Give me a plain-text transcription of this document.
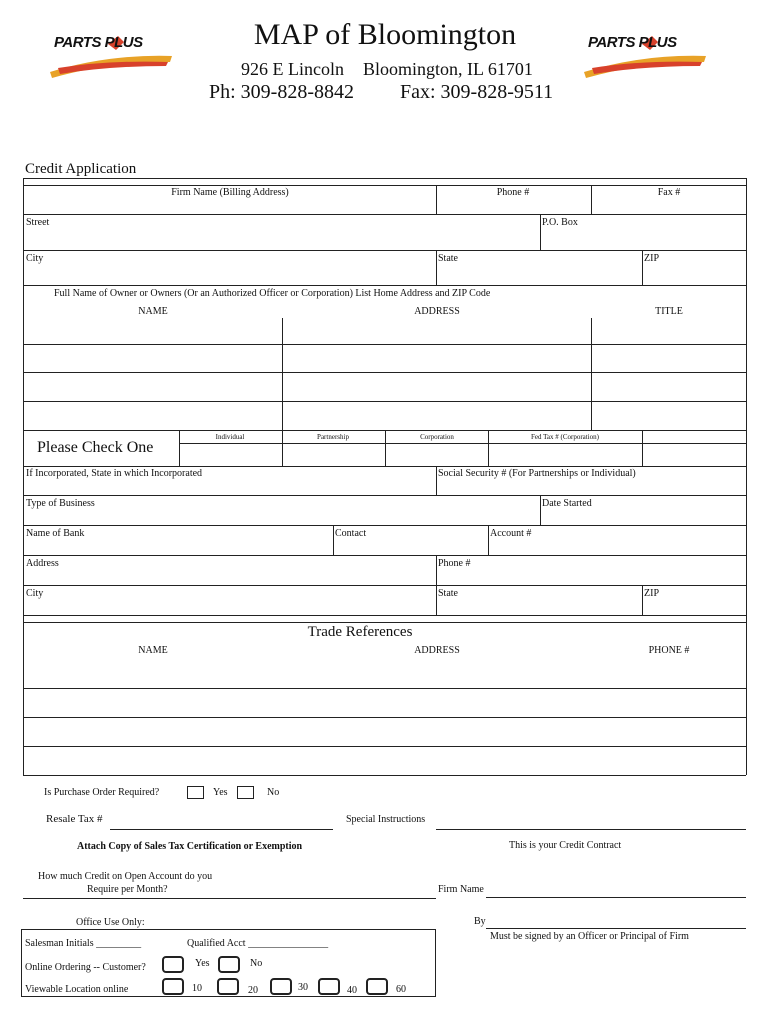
PARTS PLUS	PARTS PLUS
MAP of Bloomington
926 E Lincoln Bloomington, IL 61701
Ph: 309-828-8842 Fax: 309-828-9511
Credit Application
Firm Name (Billing Address)	Phone #	Fax #
Street	P.O. Box
City	State	ZIP
Full Name of Owner or Owners (Or an Authorized Officer or Corporation) List Home Address and ZIP Code
NAME	ADDRESS	TITLE
Please Check One
Individual	Partnership	Corporation	Fed Tax # (Corporation)
If Incorporated, State in which Incorporated	Social Security # (For Partnerships or Individual)
Type of Business	Date Started
Name of Bank	Contact	Account #
Address	Phone #
City	State	ZIP
Trade References
NAME	ADDRESS	PHONE #
Is Purchase Order Required?	Yes	No
Resale Tax #	Special Instructions
Attach Copy of Sales Tax Certification or Exemption	This is your Credit Contract
How much Credit on Open Account do you
Require per Month?	Firm Name
Office Use Only:	By
Must be signed by an Officer or Principal of Firm
Salesman Initials _________	Qualified Acct ________________
Online Ordering -- Customer?	Yes	No
Viewable Location online	10	20	30	40	60
